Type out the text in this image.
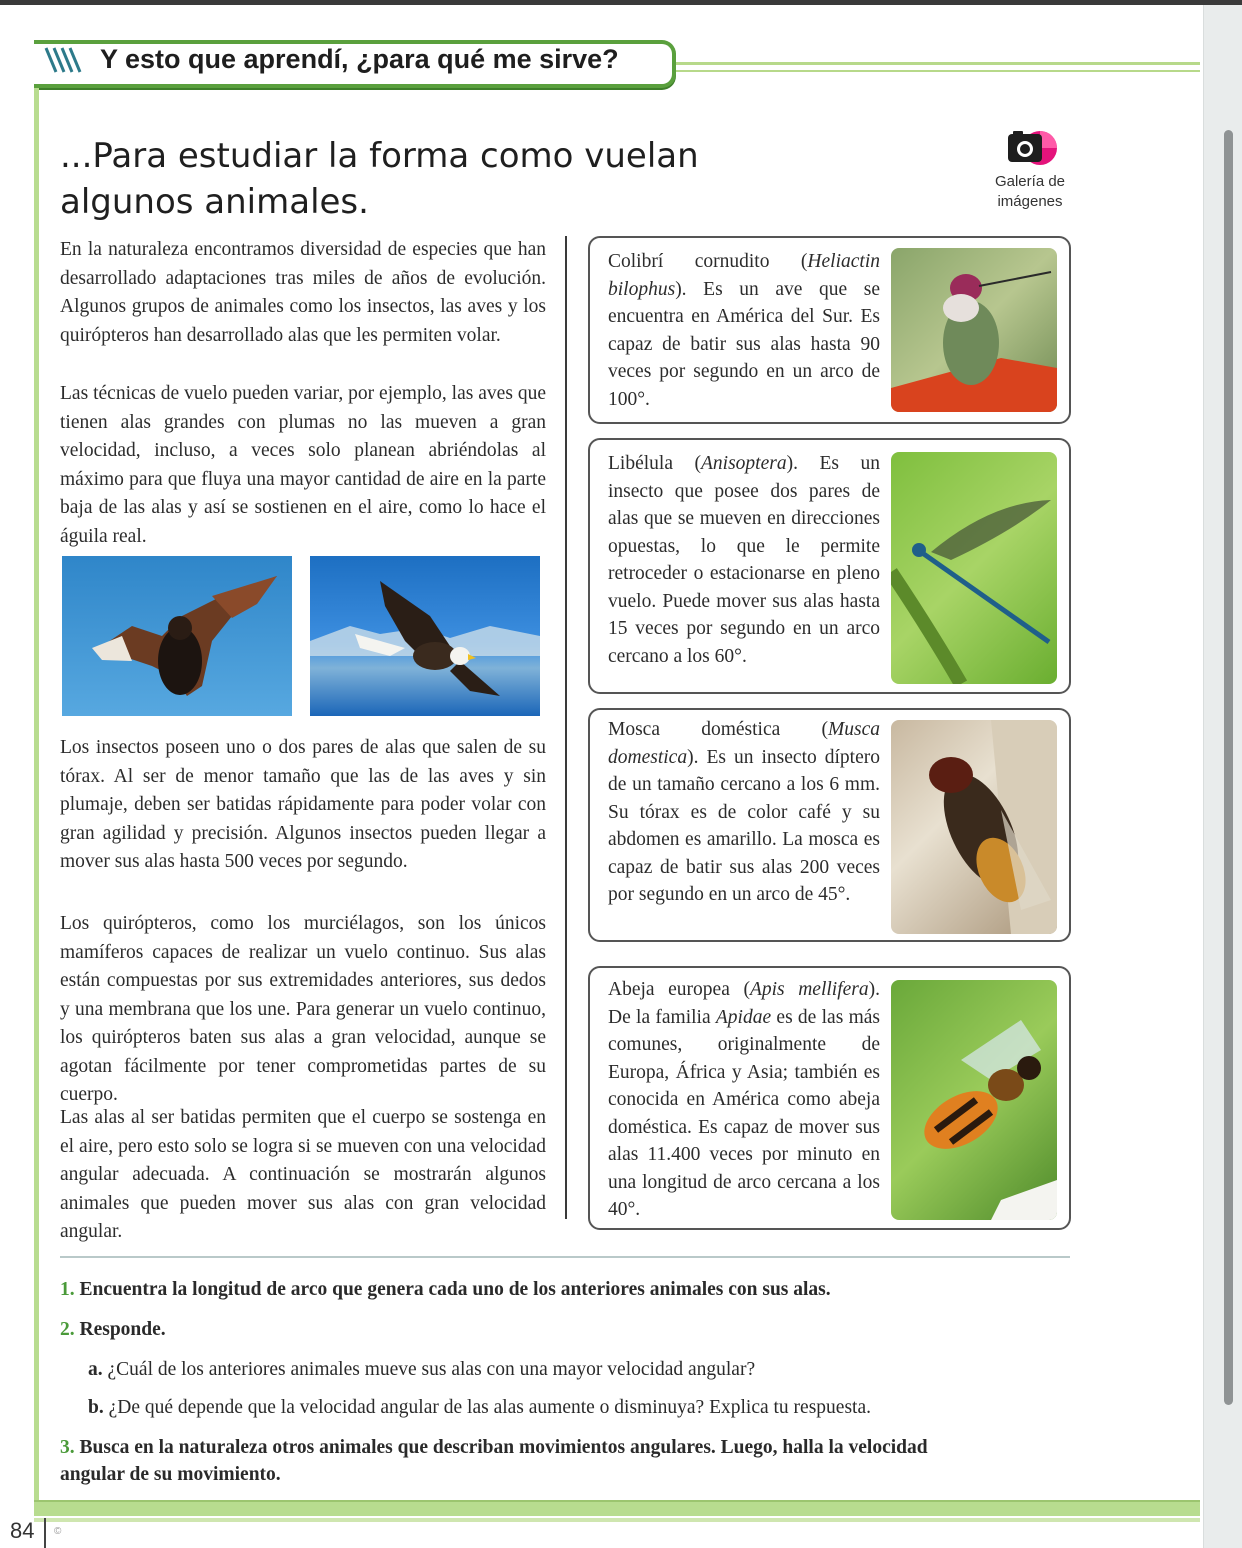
Y esto que aprendí, ¿para qué me sirve?
...Para estudiar la forma como vuelan
algunos animales.
Galería de
imágenes
En la naturaleza encontramos diversidad de especies que han desarrollado adaptaciones tras miles de años de evolución. Algunos grupos de animales como los insectos, las aves y los quirópteros han desarrollado alas que les permiten volar.
Las técnicas de vuelo pueden variar, por ejemplo, las aves que tienen alas grandes con plumas no las mueven a gran velocidad, incluso, a veces solo planean abriéndolas al máximo para que fluya una mayor cantidad de aire en la parte baja de las alas y así se sostienen en el aire, como lo hace el águila real.
Los insectos poseen uno o dos pares de alas que salen de su tórax. Al ser de menor tamaño que las de las aves y sin plumaje, deben ser batidas rápidamente para poder volar con gran agilidad y precisión. Algunos insectos pueden llegar a mover sus alas hasta 500 veces por segundo.
Los quirópteros, como los murciélagos, son los únicos mamíferos capaces de realizar un vuelo continuo. Sus alas están compuestas por sus extremidades anteriores, sus dedos y una membrana que los une. Para generar un vuelo continuo, los quirópteros baten sus alas a gran velocidad, aunque se agotan fácilmente por tener comprometidas partes de su cuerpo.
Las alas al ser batidas permiten que el cuerpo se sostenga en el aire, pero esto solo se logra si se mueven con una velocidad angular adecuada. A continuación se mostrarán algunos animales que pueden mover sus alas con gran velocidad angular.
Colibrí cornudito (Heliactin bilophus). Es un ave que se encuentra en América del Sur. Es capaz de batir sus alas hasta 90 veces por segundo en un arco de 100°.
Libélula (Anisoptera). Es un insecto que posee dos pares de alas que se mueven en direcciones opuestas, lo que le permite retroceder o estacionarse en pleno vuelo. Puede mover sus alas hasta 15 veces por segundo en un arco cercano a los 60°.
Mosca doméstica (Musca domestica). Es un insecto díptero de un tamaño cercano a los 6 mm. Su tórax es de color café y su abdomen es amarillo. La mosca es capaz de batir sus alas 200 veces por segundo en un arco de 45°.
Abeja europea (Apis mellifera). De la familia Apidae es de las más comunes, originalmente de Europa, África y Asia; también es conocida en América como abeja doméstica. Es capaz de mover sus alas 11.400 veces por minuto en una longitud de arco cercana a los 40°.
1. Encuentra la longitud de arco que genera cada uno de los anteriores animales con sus alas.
2. Responde.
a. ¿Cuál de los anteriores animales mueve sus alas con una mayor velocidad angular?
b. ¿De qué depende que la velocidad angular de las alas aumente o disminuya? Explica tu respuesta.
3. Busca en la naturaleza otros animales que describan movimientos angulares. Luego, halla la velocidad angular de su movimiento.
84 ©
